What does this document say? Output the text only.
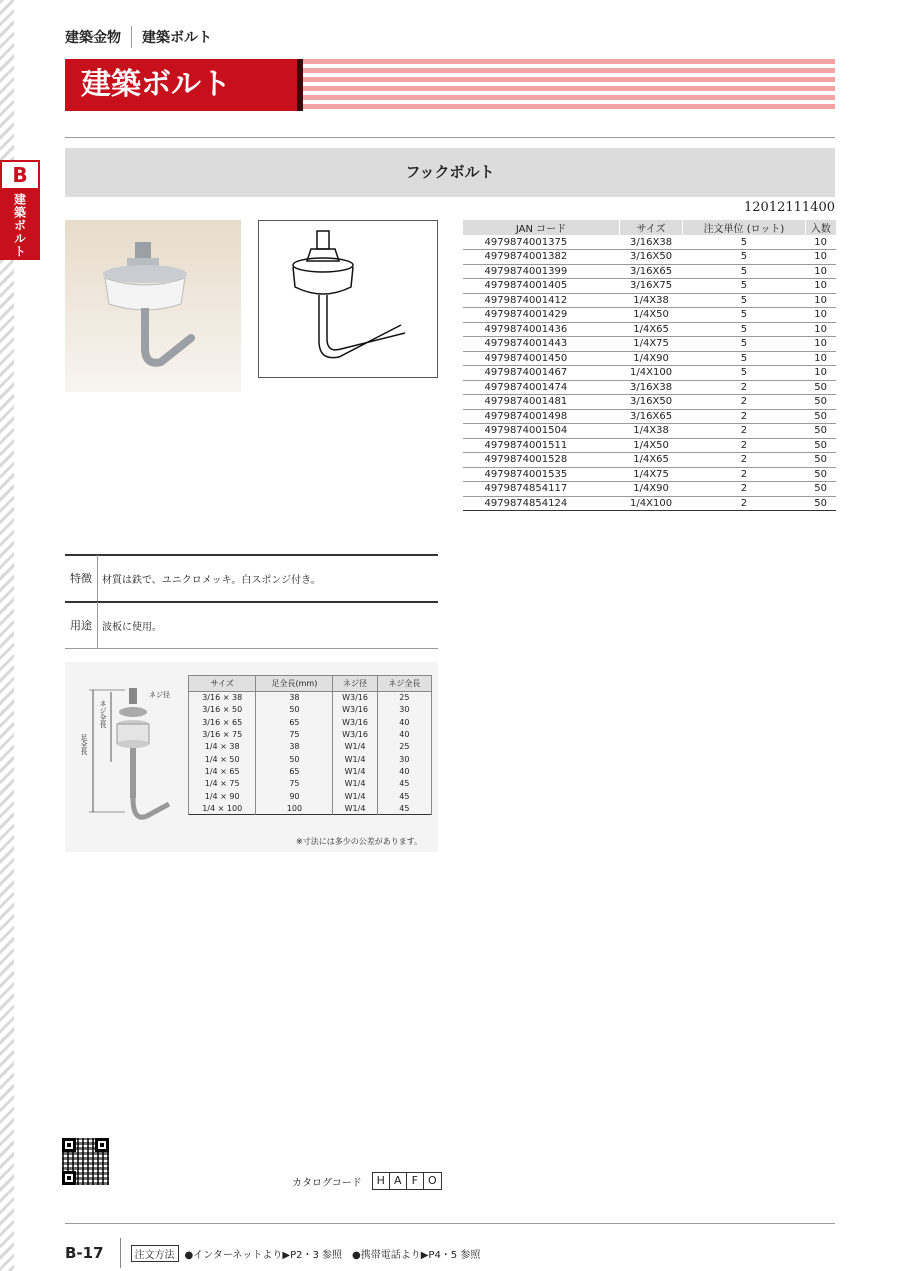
B
建築ボルト
建築金物 建築ボルト
建築ボルト
フックボルト
12012111400
JAN コード	サイズ	注文単位 (ロット)	入数
4979874001375	3/16X38	5	10
4979874001382	3/16X50	5	10
4979874001399	3/16X65	5	10
4979874001405	3/16X75	5	10
4979874001412	1/4X38	5	10
4979874001429	1/4X50	5	10
4979874001436	1/4X65	5	10
4979874001443	1/4X75	5	10
4979874001450	1/4X90	5	10
4979874001467	1/4X100	5	10
4979874001474	3/16X38	2	50
4979874001481	3/16X50	2	50
4979874001498	3/16X65	2	50
4979874001504	1/4X38	2	50
4979874001511	1/4X50	2	50
4979874001528	1/4X65	2	50
4979874001535	1/4X75	2	50
4979874854117	1/4X90	2	50
4979874854124	1/4X100	2	50
特徴	材質は鉄で、ユニクロメッキ。白スポンジ付き。
用途	波板に使用。
ネジ径
ネジ全長
足全長
サイズ	足全長(mm)	ネジ径	ネジ全長
3/16 × 38	38	W3/16	25
3/16 × 50	50	W3/16	30
3/16 × 65	65	W3/16	40
3/16 × 75	75	W3/16	40
1/4 × 38	38	W1/4	25
1/4 × 50	50	W1/4	30
1/4 × 65	65	W1/4	40
1/4 × 75	75	W1/4	45
1/4 × 90	90	W1/4	45
1/4 × 100	100	W1/4	45
※寸法には多少の公差があります。
カタログコード	H A F O
B-17	注文方法	●インターネットより▶P2・3 参照　●携帯電話より▶P4・5 参照
